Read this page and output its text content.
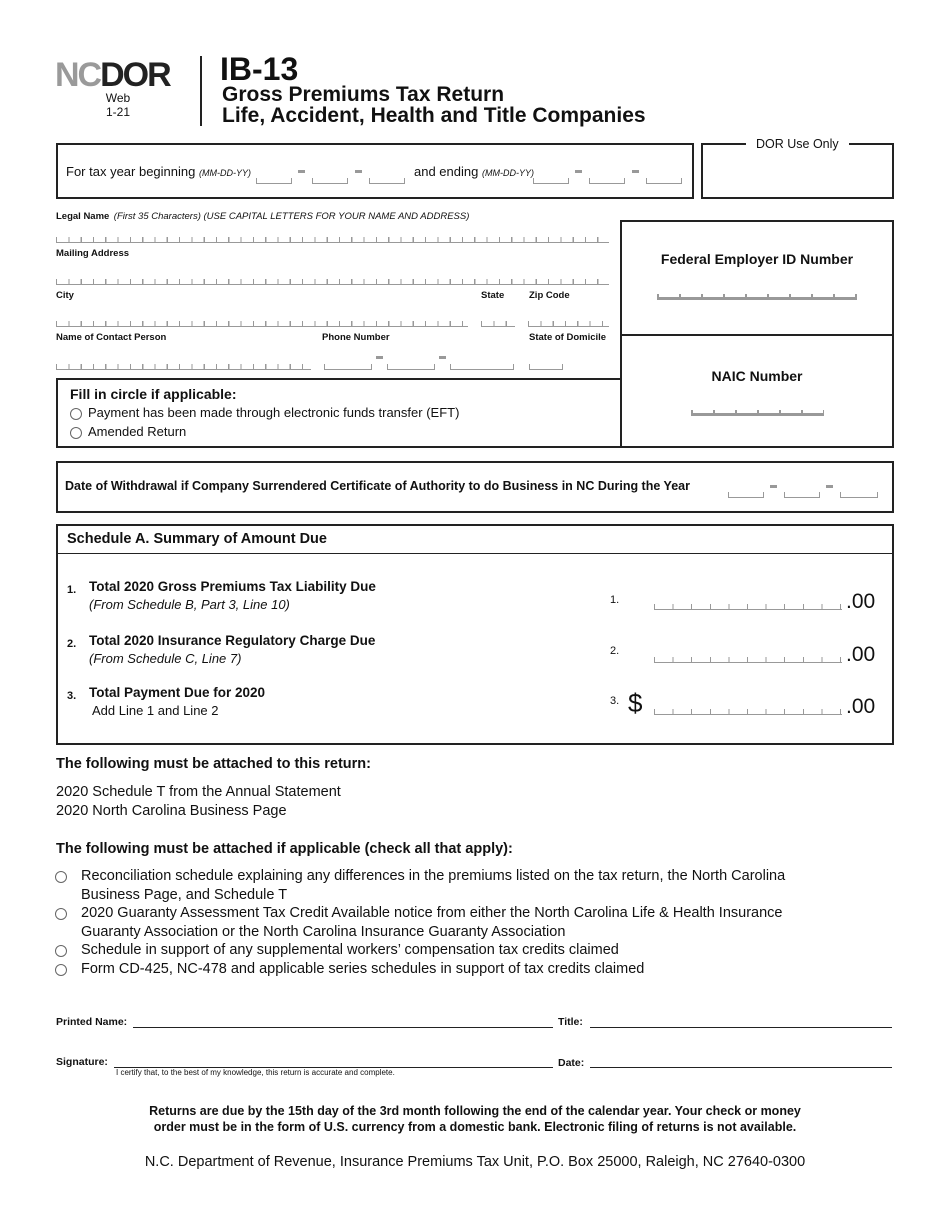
NCDOR
Web
1-21
IB-13
Gross Premiums Tax Return
Life, Accident, Health and Title Companies
For tax year beginning (MM-DD-YY)	and ending (MM-DD-YY)
DOR Use Only
Legal Name (First 35 Characters) (USE CAPITAL LETTERS FOR YOUR NAME AND ADDRESS)
Mailing Address
City	State	Zip Code
Name of Contact Person	Phone Number	State of Domicile
Federal Employer ID Number
NAIC Number
Fill in circle if applicable:
Payment has been made through electronic funds transfer (EFT)
Amended Return
Date of Withdrawal if Company Surrendered Certificate of Authority to do Business in NC During the Year
Schedule A. Summary of Amount Due
1. Total 2020 Gross Premiums Tax Liability Due
(From Schedule B, Part 3, Line 10)	1.	.00
2. Total 2020 Insurance Regulatory Charge Due
(From Schedule C, Line 7)	2.	.00
3. Total Payment Due for 2020
Add Line 1 and Line 2
3. $	.00
The following must be attached to this return:
2020 Schedule T from the Annual Statement
2020 North Carolina Business Page
The following must be attached if applicable (check all that apply):
Reconciliation schedule explaining any differences in the premiums listed on the tax return, the North Carolina
Business Page, and Schedule T
2020 Guaranty Assessment Tax Credit Available notice from either the North Carolina Life & Health Insurance
Guaranty Association or the North Carolina Insurance Guaranty Association
Schedule in support of any supplemental workers’ compensation tax credits claimed
Form CD-425, NC-478 and applicable series schedules in support of tax credits claimed
Printed Name:	Title:
Signature:
I certify that, to the best of my knowledge, this return is accurate and complete.
Date:
Returns are due by the 15th day of the 3rd month following the end of the calendar year. Your check or money
order must be in the form of U.S. currency from a domestic bank. Electronic filing of returns is not available.
N.C. Department of Revenue, Insurance Premiums Tax Unit, P.O. Box 25000, Raleigh, NC 27640-0300
